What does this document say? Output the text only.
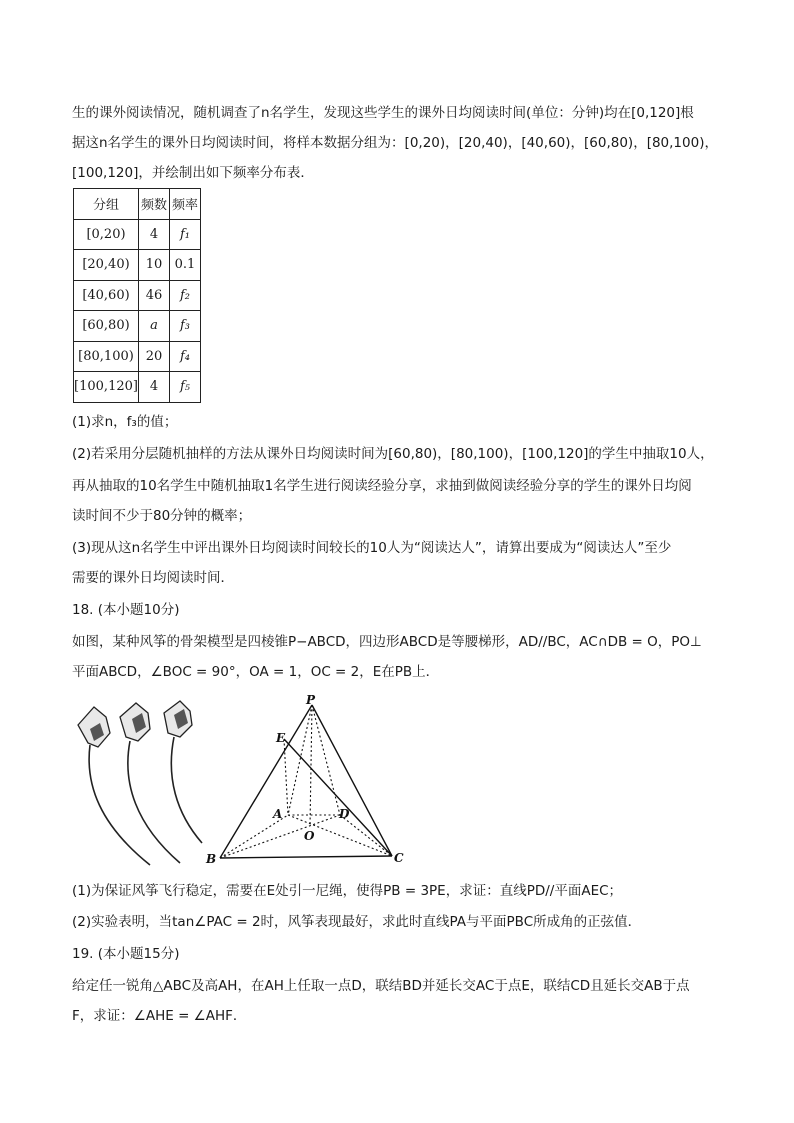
生的课外阅读情况，随机调查了n名学生，发现这些学生的课外日均阅读时间(单位：分钟)均在[0,120]根
据这n名学生的课外日均阅读时间，将样本数据分组为：[0,20)，[20,40)，[40,60)，[60,80)，[80,100)，
[100,120]，并绘制出如下频率分布表．
分组	频数	频率
[0,20)	4	f₁
[20,40)	10	0.1
[40,60)	46	f₂
[60,80)	a	f₃
[80,100)	20	f₄
[100,120]	4	f₅
(1)求n，f₃的值；
(2)若采用分层随机抽样的方法从课外日均阅读时间为[60,80)，[80,100)，[100,120]的学生中抽取10人，
再从抽取的10名学生中随机抽取1名学生进行阅读经验分享，求抽到做阅读经验分享的学生的课外日均阅
读时间不少于80分钟的概率；
(3)现从这n名学生中评出课外日均阅读时间较长的10人为“阅读达人”，请算出要成为“阅读达人”至少
需要的课外日均阅读时间．
18. (本小题10分)
如图，某种风筝的骨架模型是四棱锥P−ABCD，四边形ABCD是等腰梯形，AD//BC，AC∩DB = O，PO⊥
平面ABCD，∠BOC = 90°，OA = 1，OC = 2，E在PB上．
P
E
A	D
O
B	C
(1)为保证风筝飞行稳定，需要在E处引一尼绳，使得PB = 3PE，求证：直线PD//平面AEC；
(2)实验表明，当tan∠PAC = 2时，风筝表现最好，求此时直线PA与平面PBC所成角的正弦值．
19. (本小题15分)
给定任一锐角△ABC及高AH，在AH上任取一点D，联结BD并延长交AC于点E，联结CD且延长交AB于点
F，求证：∠AHE = ∠AHF．
